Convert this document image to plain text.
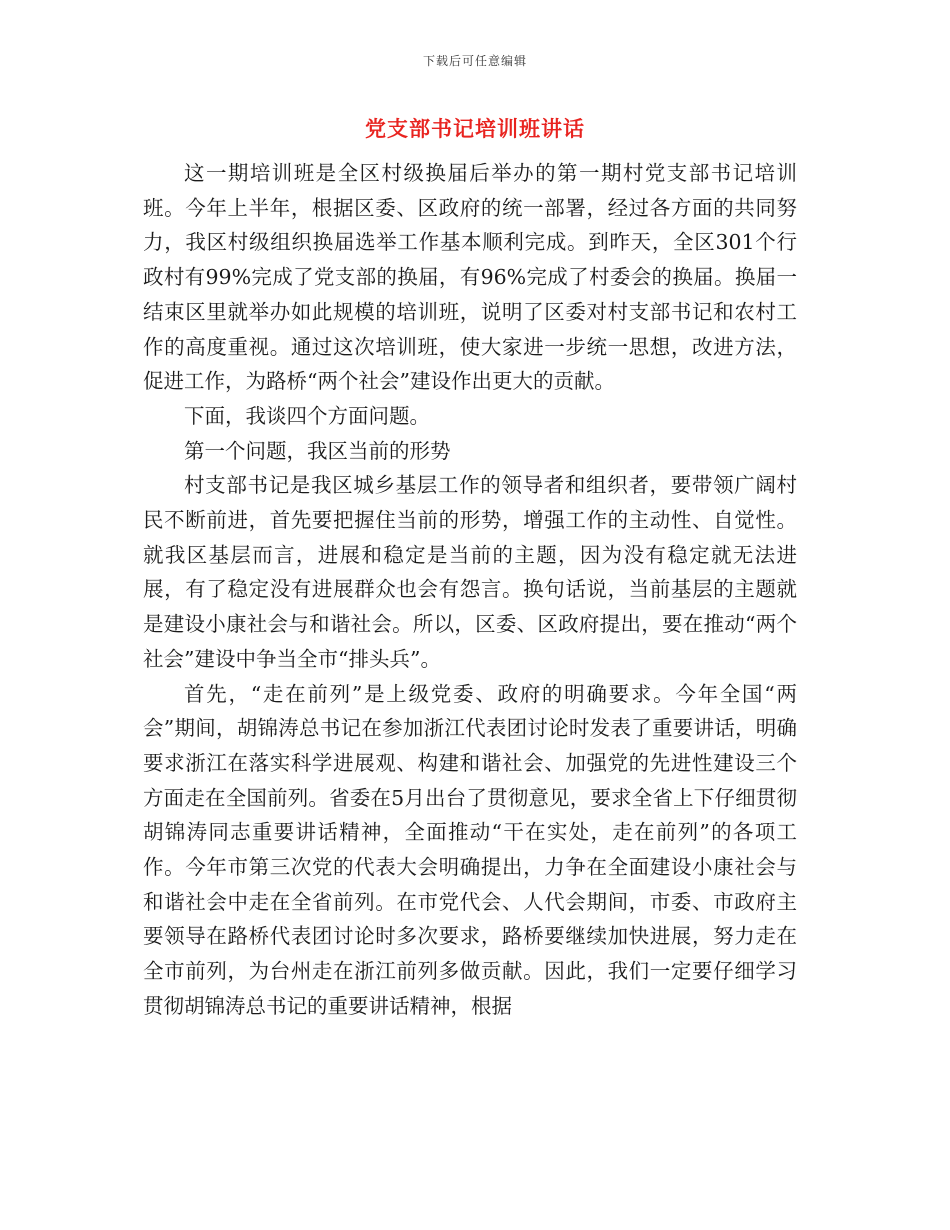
下载后可任意编辑
党支部书记培训班讲话

这一期培训班是全区村级换届后举办的第一期村党支部书记培训班。今年上半年，根据区委、区政府的统一部署，经过各方面的共同努力，我区村级组织换届选举工作基本顺利完成。到昨天，全区301个行政村有99%完成了党支部的换届，有96%完成了村委会的换届。换届一结束区里就举办如此规模的培训班，说明了区委对村支部书记和农村工作的高度重视。通过这次培训班，使大家进一步统一思想，改进方法，促进工作，为路桥“两个社会”建设作出更大的贡献。

下面，我谈四个方面问题。

第一个问题，我区当前的形势

村支部书记是我区城乡基层工作的领导者和组织者，要带领广阔村民不断前进，首先要把握住当前的形势，增强工作的主动性、自觉性。就我区基层而言，进展和稳定是当前的主题，因为没有稳定就无法进展，有了稳定没有进展群众也会有怨言。换句话说，当前基层的主题就是建设小康社会与和谐社会。所以，区委、区政府提出，要在推动“两个社会”建设中争当全市“排头兵”。

首先，“走在前列”是上级党委、政府的明确要求。今年全国“两会”期间，胡锦涛总书记在参加浙江代表团讨论时发表了重要讲话，明确要求浙江在落实科学进展观、构建和谐社会、加强党的先进性建设三个方面走在全国前列。省委在5月出台了贯彻意见，要求全省上下仔细贯彻胡锦涛同志重要讲话精神，全面推动“干在实处，走在前列”的各项工作。今年市第三次党的代表大会明确提出，力争在全面建设小康社会与和谐社会中走在全省前列。在市党代会、人代会期间，市委、市政府主要领导在路桥代表团讨论时多次要求，路桥要继续加快进展，努力走在全市前列，为台州走在浙江前列多做贡献。因此，我们一定要仔细学习贯彻胡锦涛总书记的重要讲话精神，根据
